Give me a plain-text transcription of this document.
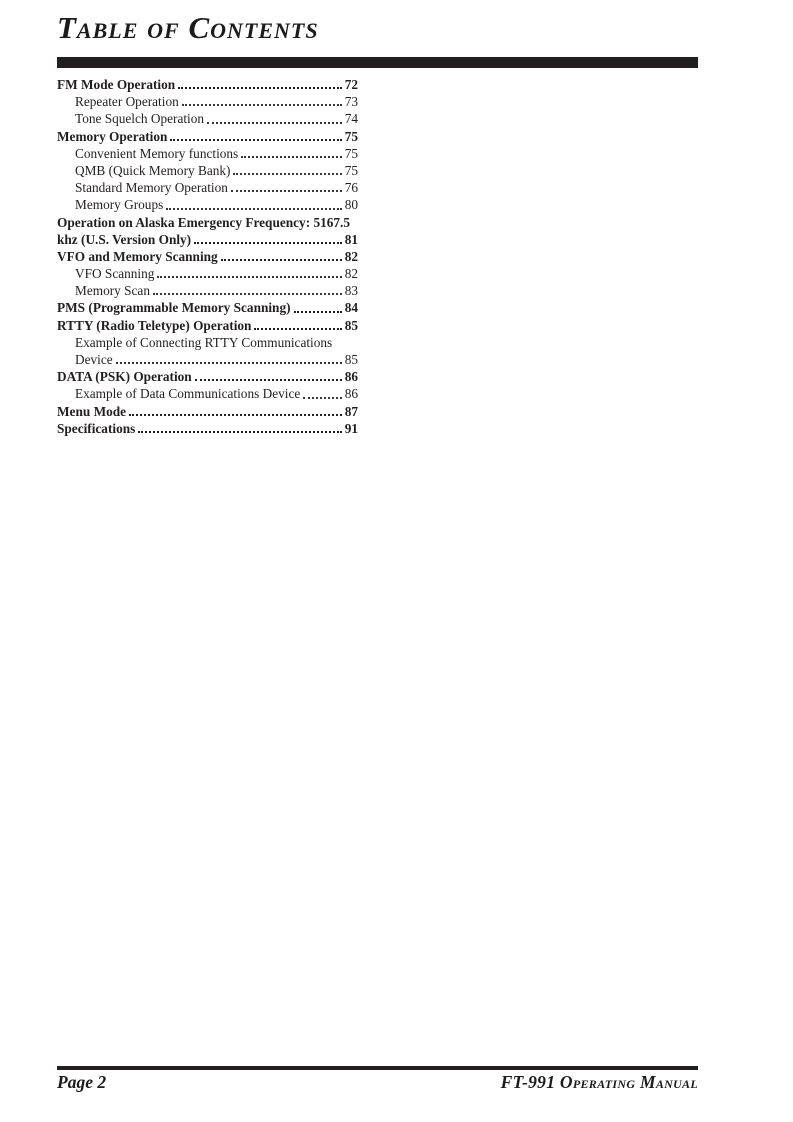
Table of Contents
FM Mode Operation	72
Repeater Operation	73
Tone Squelch Operation	74
Memory Operation	75
Convenient Memory functions	75
QMB (Quick Memory Bank)	75
Standard Memory Operation	76
Memory Groups	80
Operation on Alaska Emergency Frequency: 5167.5
khz (U.S. Version Only)	81
VFO and Memory Scanning	82
VFO Scanning	82
Memory Scan	83
PMS (Programmable Memory Scanning)	84
RTTY (Radio Teletype) Operation	85
Example of Connecting RTTY Communications
Device	85
DATA (PSK) Operation	86
Example of Data Communications Device	86
Menu Mode	87
Specifications	91
Page 2	FT-991 Operating Manual
